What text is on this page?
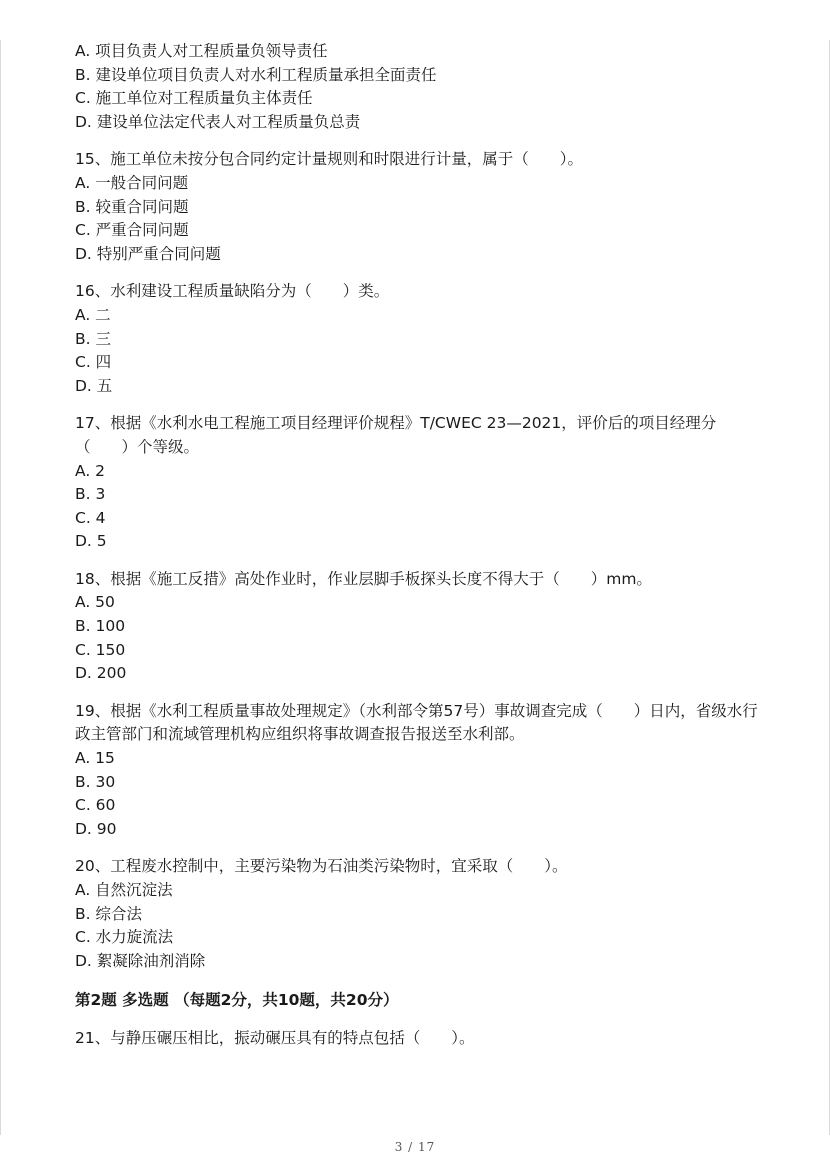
A. 项目负责人对工程质量负领导责任
B. 建设单位项目负责人对水利工程质量承担全面责任
C. 施工单位对工程质量负主体责任
D. 建设单位法定代表人对工程质量负总责
15、施工单位未按分包合同约定计量规则和时限进行计量，属于（　　）。
A. 一般合同问题
B. 较重合同问题
C. 严重合同问题
D. 特别严重合同问题
16、水利建设工程质量缺陷分为（　　）类。
A. 二
B. 三
C. 四
D. 五
17、根据《水利水电工程施工项目经理评价规程》T/CWEC 23—2021，评价后的项目经理分（　　）个等级。
A. 2
B. 3
C. 4
D. 5
18、根据《施工反措》高处作业时，作业层脚手板探头长度不得大于（　　）mm。
A. 50
B. 100
C. 150
D. 200
19、根据《水利工程质量事故处理规定》（水利部令第57号）事故调查完成（　　）日内，省级水行政主管部门和流域管理机构应组织将事故调查报告报送至水利部。
A. 15
B. 30
C. 60
D. 90
20、工程废水控制中，主要污染物为石油类污染物时，宜采取（　　）。
A. 自然沉淀法
B. 综合法
C. 水力旋流法
D. 絮凝除油剂消除
第2题 多选题 （每题2分，共10题，共20分）
21、与静压碾压相比，振动碾压具有的特点包括（　　）。
3 / 17
